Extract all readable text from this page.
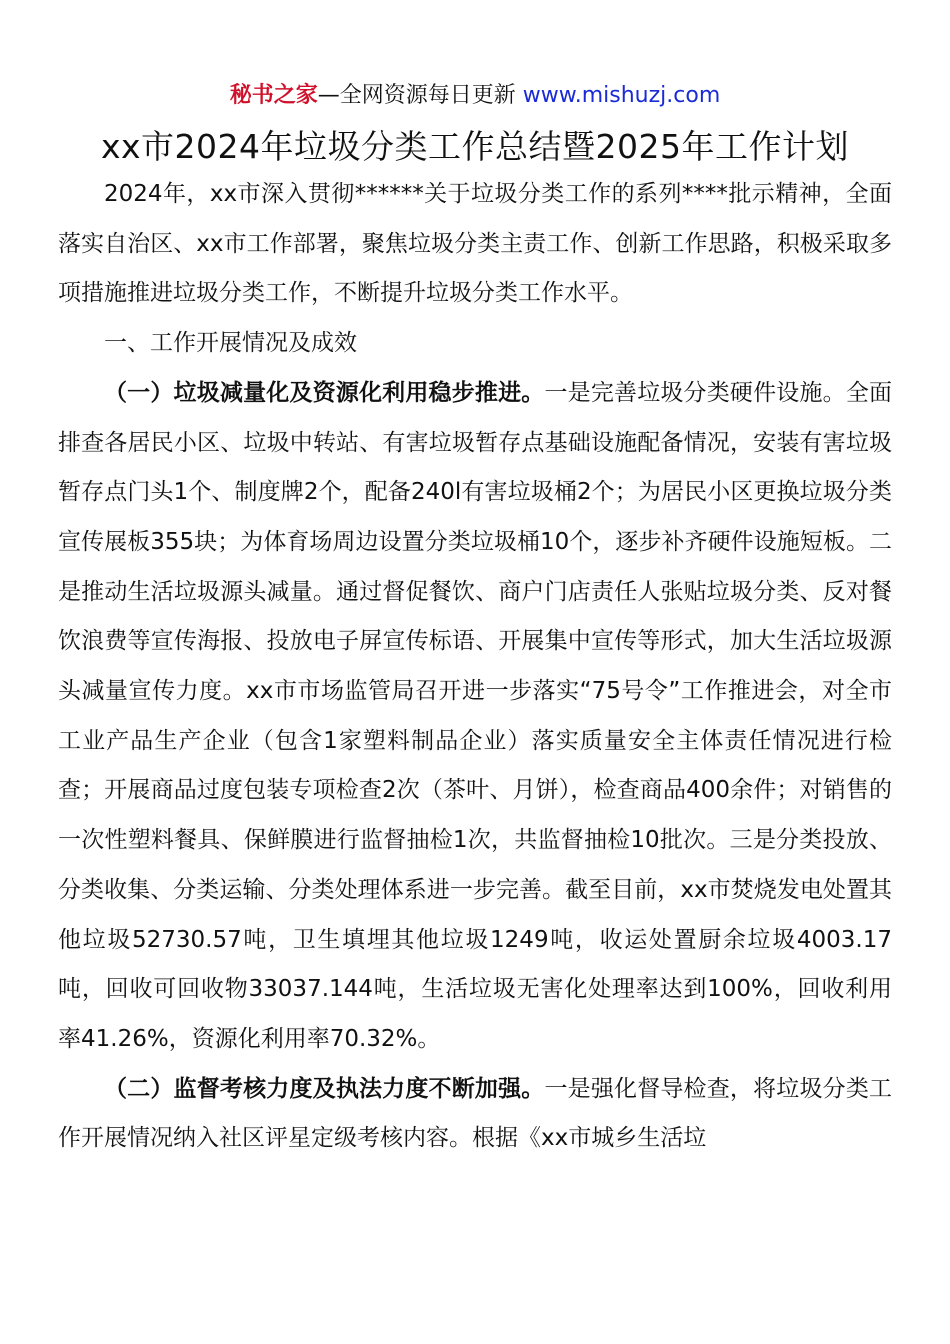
秘书之家—全网资源每日更新 www.mishuzj.com
xx市2024年垃圾分类工作总结暨2025年工作计划

2024年，xx市深入贯彻******关于垃圾分类工作的系列****批示精神，全面落实自治区、xx市工作部署，聚焦垃圾分类主责工作、创新工作思路，积极采取多项措施推进垃圾分类工作，不断提升垃圾分类工作水平。

一、工作开展情况及成效

（一）垃圾减量化及资源化利用稳步推进。一是完善垃圾分类硬件设施。全面排查各居民小区、垃圾中转站、有害垃圾暂存点基础设施配备情况，安装有害垃圾暂存点门头1个、制度牌2个，配备240l有害垃圾桶2个；为居民小区更换垃圾分类宣传展板355块；为体育场周边设置分类垃圾桶10个，逐步补齐硬件设施短板。二是推动生活垃圾源头减量。通过督促餐饮、商户门店责任人张贴垃圾分类、反对餐饮浪费等宣传海报、投放电子屏宣传标语、开展集中宣传等形式，加大生活垃圾源头减量宣传力度。xx市市场监管局召开进一步落实“75号令”工作推进会，对全市工业产品生产企业（包含1家塑料制品企业）落实质量安全主体责任情况进行检查；开展商品过度包装专项检查2次（茶叶、月饼），检查商品400余件；对销售的一次性塑料餐具、保鲜膜进行监督抽检1次，共监督抽检10批次。三是分类投放、分类收集、分类运输、分类处理体系进一步完善。截至目前，xx市焚烧发电处置其他垃圾52730.57吨，卫生填埋其他垃圾1249吨，收运处置厨余垃圾4003.17吨，回收可回收物33037.144吨，生活垃圾无害化处理率达到100%，回收利用率41.26%，资源化利用率70.32%。

（二）监督考核力度及执法力度不断加强。一是强化督导检查，将垃圾分类工作开展情况纳入社区评星定级考核内容。根据《xx市城乡生活垃
